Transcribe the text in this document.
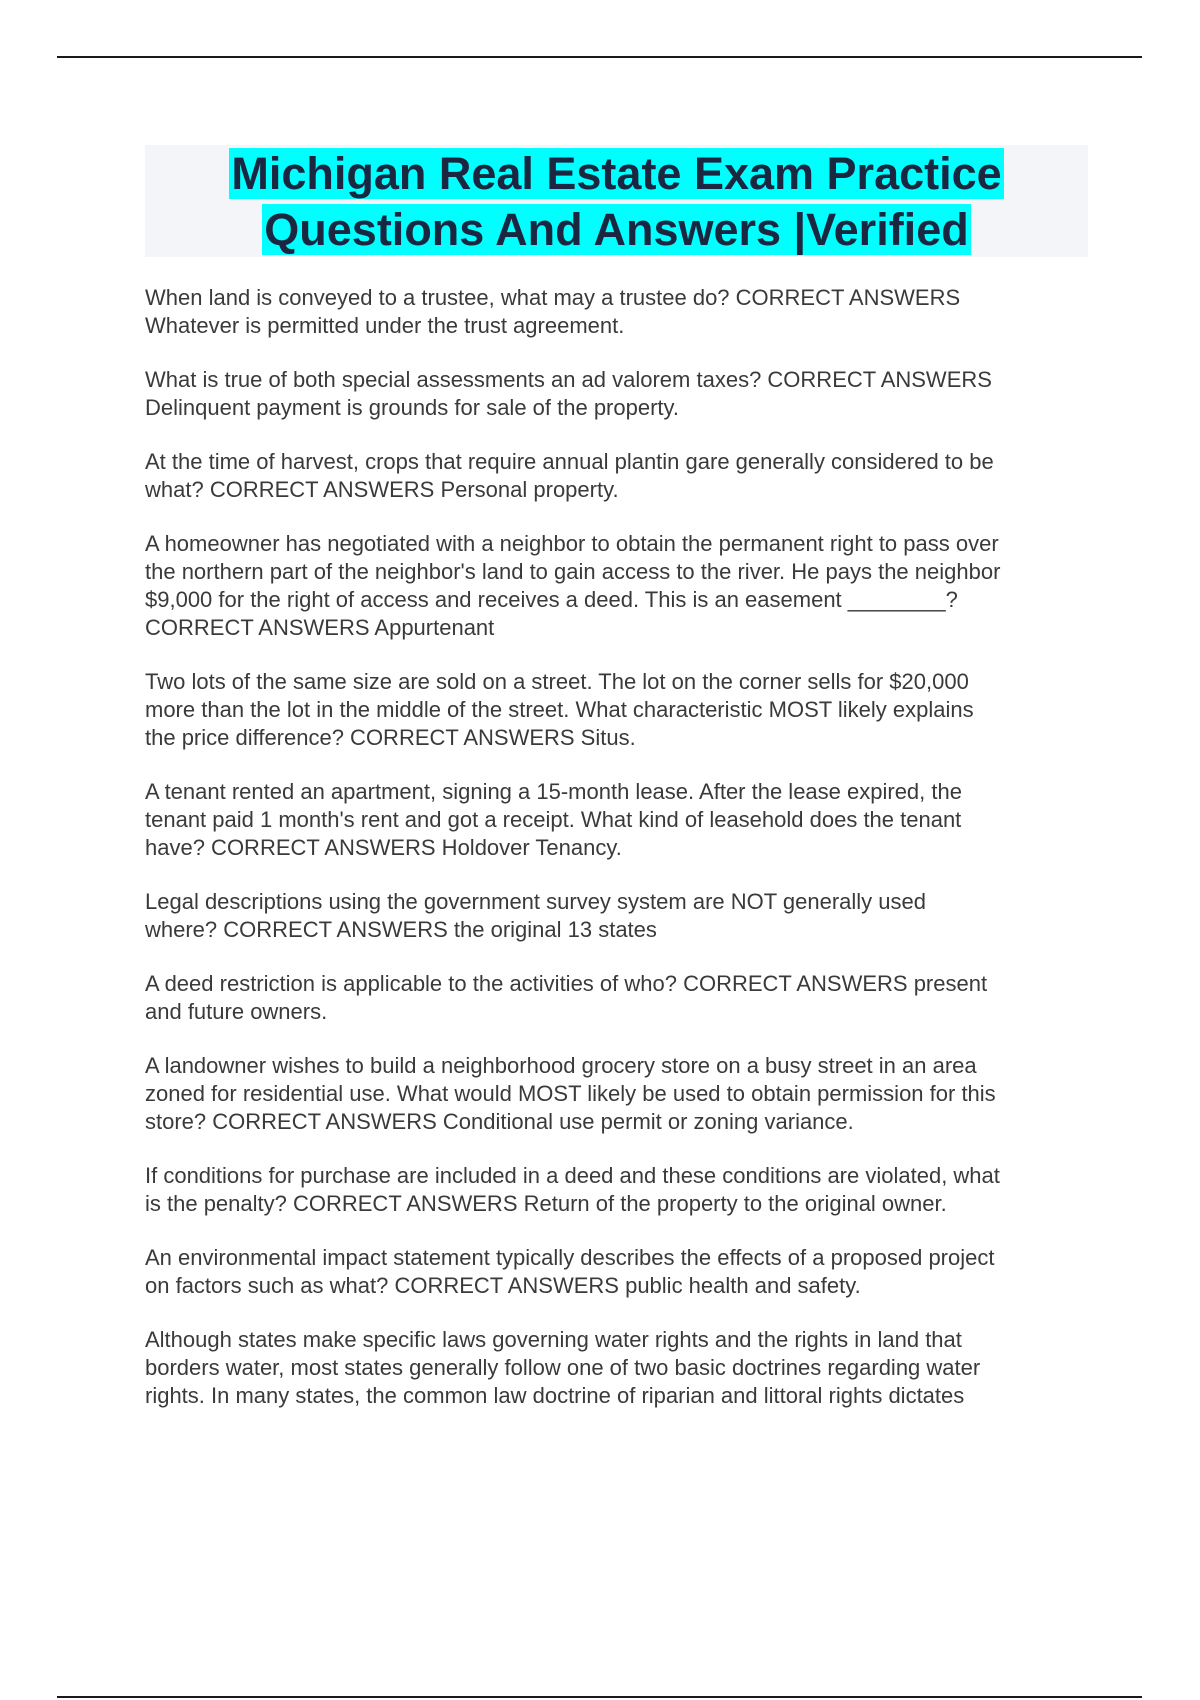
Michigan Real Estate Exam Practice
Questions And Answers |Verified

When land is conveyed to a trustee, what may a trustee do? CORRECT ANSWERS
Whatever is permitted under the trust agreement.

What is true of both special assessments an ad valorem taxes? CORRECT ANSWERS
Delinquent payment is grounds for sale of the property.

At the time of harvest, crops that require annual plantin gare generally considered to be
what? CORRECT ANSWERS Personal property.

A homeowner has negotiated with a neighbor to obtain the permanent right to pass over
the northern part of the neighbor's land to gain access to the river. He pays the neighbor
$9,000 for the right of access and receives a deed. This is an easement ________?
CORRECT ANSWERS Appurtenant

Two lots of the same size are sold on a street. The lot on the corner sells for $20,000
more than the lot in the middle of the street. What characteristic MOST likely explains
the price difference? CORRECT ANSWERS Situs.

A tenant rented an apartment, signing a 15-month lease. After the lease expired, the
tenant paid 1 month's rent and got a receipt. What kind of leasehold does the tenant
have? CORRECT ANSWERS Holdover Tenancy.

Legal descriptions using the government survey system are NOT generally used
where? CORRECT ANSWERS the original 13 states

A deed restriction is applicable to the activities of who? CORRECT ANSWERS present
and future owners.

A landowner wishes to build a neighborhood grocery store on a busy street in an area
zoned for residential use. What would MOST likely be used to obtain permission for this
store? CORRECT ANSWERS Conditional use permit or zoning variance.

If conditions for purchase are included in a deed and these conditions are violated, what
is the penalty? CORRECT ANSWERS Return of the property to the original owner.

An environmental impact statement typically describes the effects of a proposed project
on factors such as what? CORRECT ANSWERS public health and safety.

Although states make specific laws governing water rights and the rights in land that
borders water, most states generally follow one of two basic doctrines regarding water
rights. In many states, the common law doctrine of riparian and littoral rights dictates
